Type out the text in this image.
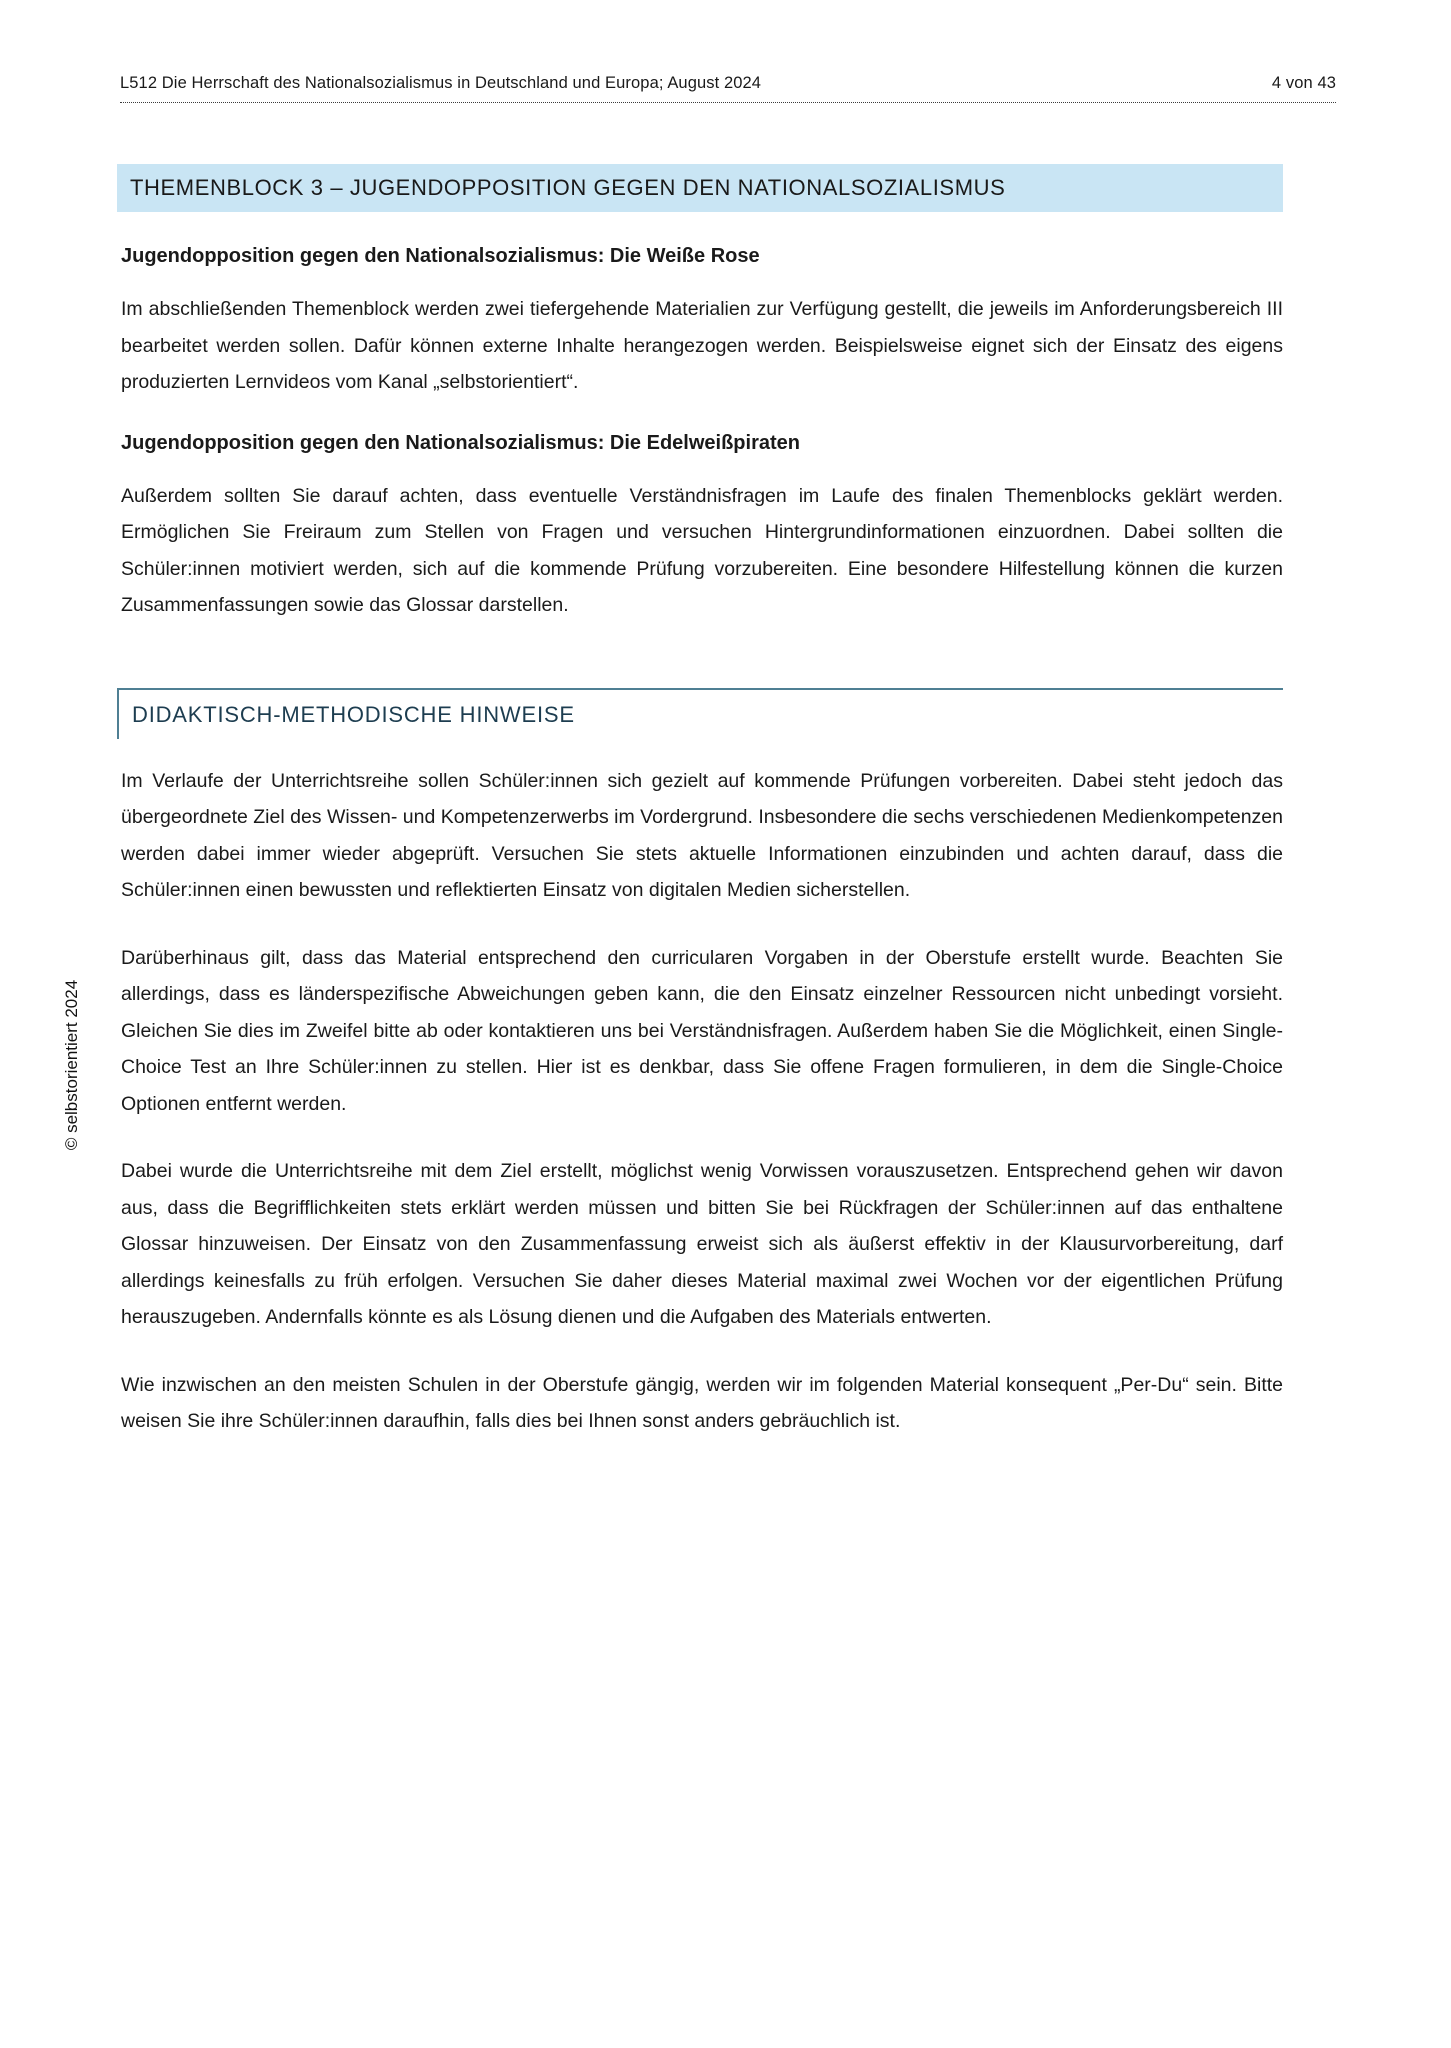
L512 Die Herrschaft des Nationalsozialismus in Deutschland und Europa; August 2024	4 von 43
© selbstorientiert 2024
THEMENBLOCK 3 – JUGENDOPPOSITION GEGEN DEN NATIONALSOZIALISMUS
Jugendopposition gegen den Nationalsozialismus: Die Weiße Rose

Im abschließenden Themenblock werden zwei tiefergehende Materialien zur Verfügung gestellt, die jeweils im Anforderungsbereich III bearbeitet werden sollen. Dafür können externe Inhalte herangezogen werden. Beispielsweise eignet sich der Einsatz des eigens produzierten Lernvideos vom Kanal „selbstorientiert“.

Jugendopposition gegen den Nationalsozialismus: Die Edelweißpiraten

Außerdem sollten Sie darauf achten, dass eventuelle Verständnisfragen im Laufe des finalen Themenblocks geklärt werden. Ermöglichen Sie Freiraum zum Stellen von Fragen und versuchen Hintergrundinformationen einzuordnen. Dabei sollten die Schüler:innen motiviert werden, sich auf die kommende Prüfung vorzubereiten. Eine besondere Hilfestellung können die kurzen Zusammenfassungen sowie das Glossar darstellen.

DIDAKTISCH-METHODISCHE HINWEISE

Im Verlaufe der Unterrichtsreihe sollen Schüler:innen sich gezielt auf kommende Prüfungen vorbereiten. Dabei steht jedoch das übergeordnete Ziel des Wissen- und Kompetenzerwerbs im Vordergrund. Insbesondere die sechs verschiedenen Medienkompetenzen werden dabei immer wieder abgeprüft. Versuchen Sie stets aktuelle Informationen einzubinden und achten darauf, dass die Schüler:innen einen bewussten und reflektierten Einsatz von digitalen Medien sicherstellen.

Darüberhinaus gilt, dass das Material entsprechend den curricularen Vorgaben in der Oberstufe erstellt wurde. Beachten Sie allerdings, dass es länderspezifische Abweichungen geben kann, die den Einsatz einzelner Ressourcen nicht unbedingt vorsieht. Gleichen Sie dies im Zweifel bitte ab oder kontaktieren uns bei Verständnisfragen. Außerdem haben Sie die Möglichkeit, einen Single-Choice Test an Ihre Schüler:innen zu stellen. Hier ist es denkbar, dass Sie offene Fragen formulieren, in dem die Single-Choice Optionen entfernt werden.

Dabei wurde die Unterrichtsreihe mit dem Ziel erstellt, möglichst wenig Vorwissen vorauszusetzen. Entsprechend gehen wir davon aus, dass die Begrifflichkeiten stets erklärt werden müssen und bitten Sie bei Rückfragen der Schüler:innen auf das enthaltene Glossar hinzuweisen. Der Einsatz von den Zusammenfassung erweist sich als äußerst effektiv in der Klausurvorbereitung, darf allerdings keinesfalls zu früh erfolgen. Versuchen Sie daher dieses Material maximal zwei Wochen vor der eigentlichen Prüfung herauszugeben. Andernfalls könnte es als Lösung dienen und die Aufgaben des Materials entwerten.

Wie inzwischen an den meisten Schulen in der Oberstufe gängig, werden wir im folgenden Material konsequent „Per-Du“ sein. Bitte weisen Sie ihre Schüler:innen daraufhin, falls dies bei Ihnen sonst anders gebräuchlich ist.
